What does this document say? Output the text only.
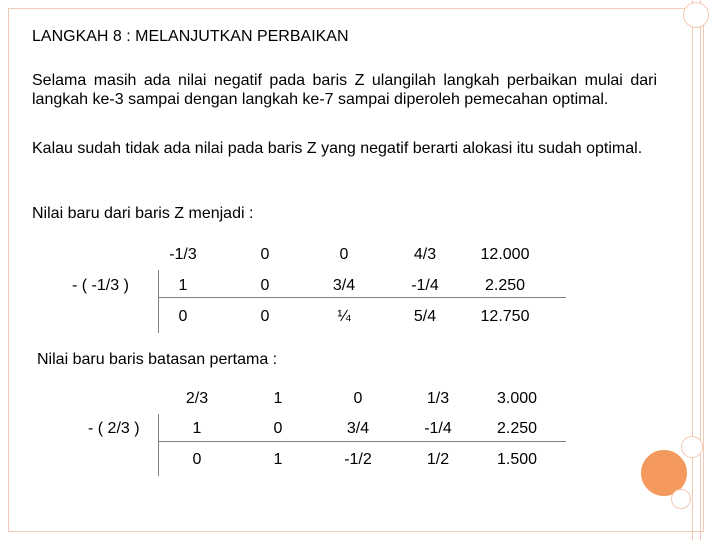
LANGKAH 8 : MELANJUTKAN PERBAIKAN
Selama masih ada nilai negatif pada baris Z ulangilah langkah perbaikan mulai dari langkah ke-3 sampai dengan langkah ke-7 sampai diperoleh pemecahan optimal.
Kalau sudah tidak ada nilai pada baris Z yang negatif berarti alokasi itu sudah optimal.
Nilai baru dari baris Z menjadi :
- ( -1/3 )
-1/3	0	0	4/3	12.000
1	0	3/4	-1/4	2.250
0	0	¼	5/4	12.750
Nilai baru baris batasan pertama :
- ( 2/3 )
2/3	1	0	1/3	3.000
1	0	3/4	-1/4	2.250
0	1	-1/2	1/2	1.500
